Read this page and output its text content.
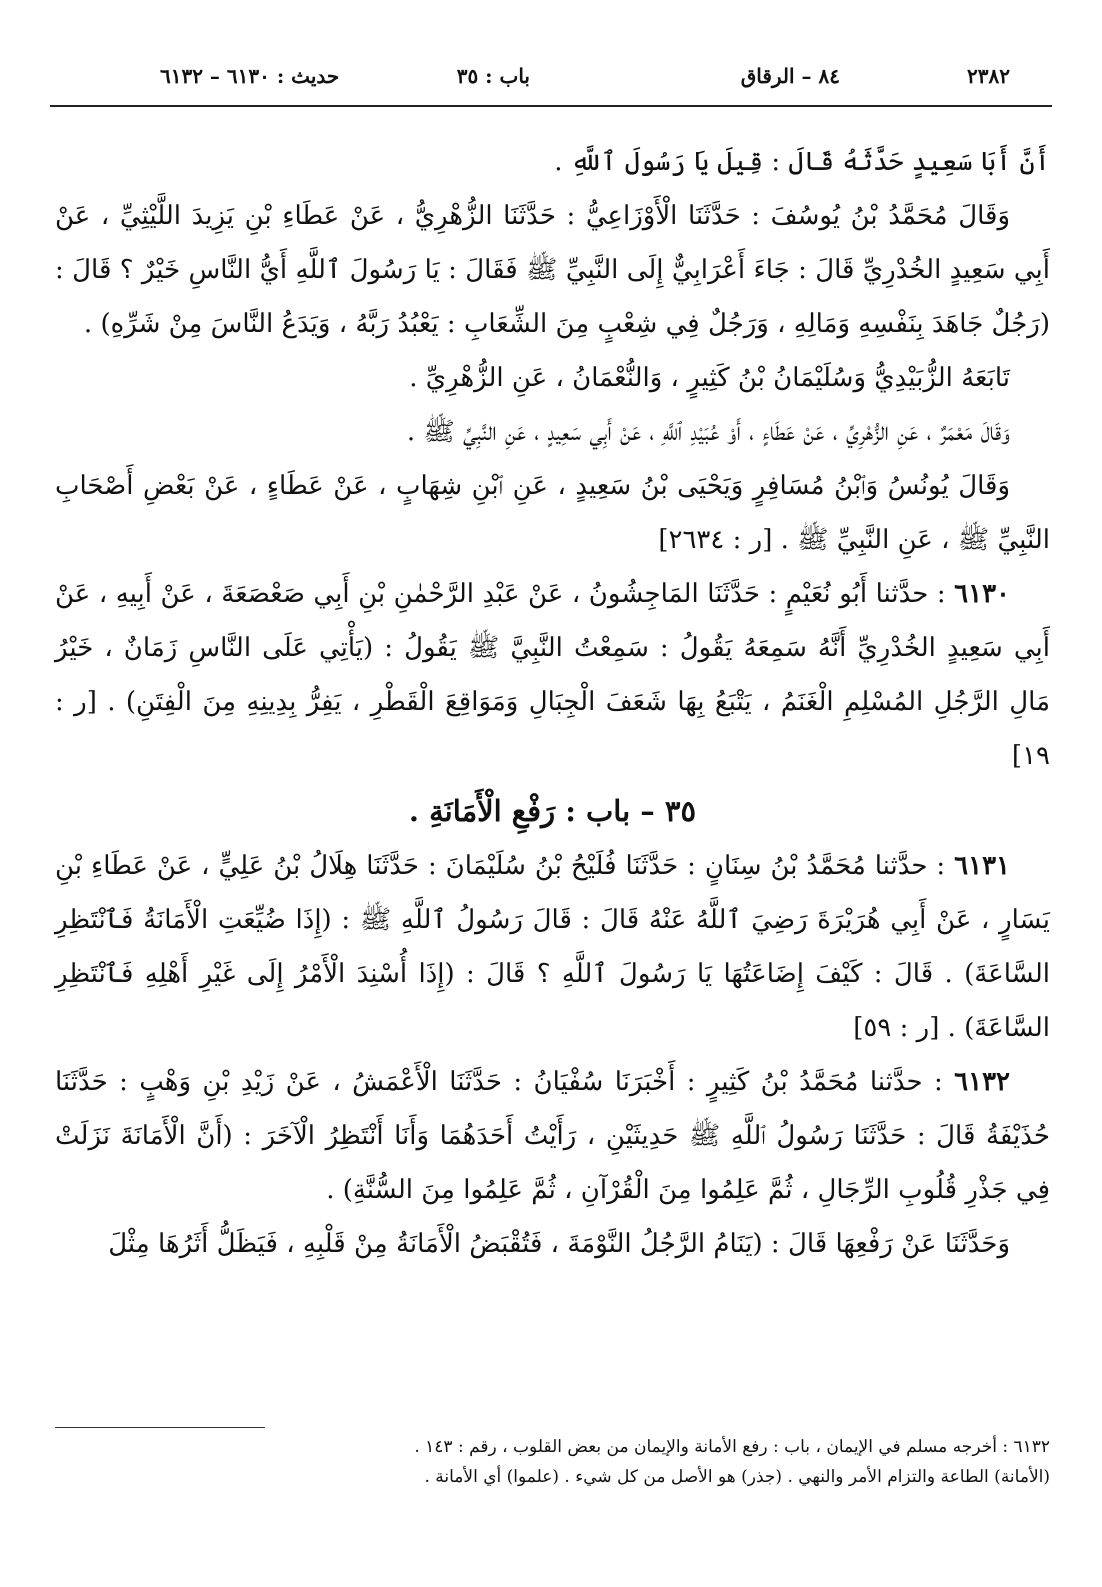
٢٣٨٢
٨٤ – الرقاق
باب : ٣٥
حديث : ٦١٣٠ – ٦١٣٢

أَنَّ أَبَا سَعِيدٍ حَدَّثَهُ قَالَ : قِيلَ يَا رَسُولَ ٱللَّهِ .

وَقَالَ مُحَمَّدُ بْنُ يُوسُفَ : حَدَّثَنَا الْأَوْزَاعِيُّ : حَدَّثَنَا الزُّهْرِيُّ ، عَنْ عَطَاءِ بْنِ يَزِيدَ اللَّيْثِيِّ ، عَنْ أَبِي سَعِيدٍ الخُدْرِيِّ قَالَ : جَاءَ أَعْرَابِيٌّ إِلَى النَّبِيِّ ﷺ فَقَالَ : يَا رَسُولَ ٱللَّهِ أَيُّ النَّاسِ خَيْرٌ ؟ قَالَ : (رَجُلٌ جَاهَدَ بِنَفْسِهِ وَمَالِهِ ، وَرَجُلٌ فِي شِعْبٍ مِنَ الشِّعَابِ : يَعْبُدُ رَبَّهُ ، وَيَدَعُ النَّاسَ مِنْ شَرِّهِ) .

تَابَعَهُ الزُّبَيْدِيُّ وَسُلَيْمَانُ بْنُ كَثِيرٍ ، وَالنُّعْمَانُ ، عَنِ الزُّهْرِيِّ .

وَقَالَ مَعْمَرٌ ، عَنِ الزُّهْرِيِّ ، عَنْ عَطَاءٍ ، أَوْ عُبَيْدِ ٱللَّهِ ، عَنْ أَبِي سَعِيدٍ ، عَنِ النَّبِيِّ ﷺ .

وَقَالَ يُونُسُ وَٱبْنُ مُسَافِرٍ وَيَحْيَى بْنُ سَعِيدٍ ، عَنِ ٱبْنِ شِهَابٍ ، عَنْ عَطَاءٍ ، عَنْ بَعْضِ أَصْحَابِ النَّبِيِّ ﷺ ، عَنِ النَّبِيِّ ﷺ . [ر : ٢٦٣٤]

٦١٣٠ : حدَّثنا أَبُو نُعَيْمٍ : حَدَّثَنَا المَاجِشُونُ ، عَنْ عَبْدِ الرَّحْمٰنِ بْنِ أَبِي صَعْصَعَةَ ، عَنْ أَبِيهِ ، عَنْ أَبِي سَعِيدٍ الخُدْرِيِّ أَنَّهُ سَمِعَهُ يَقُولُ : سَمِعْتُ النَّبِيَّ ﷺ يَقُولُ : (يَأْتِي عَلَى النَّاسِ زَمَانٌ ، خَيْرُ مَالِ الرَّجُلِ المُسْلِمِ الْغَنَمُ ، يَتْبَعُ بِهَا شَعَفَ الْجِبَالِ وَمَوَاقِعَ الْقَطْرِ ، يَفِرُّ بِدِينِهِ مِنَ الْفِتَنِ) . [ر : ١٩]

٣٥ – باب : رَفْعِ الْأَمَانَةِ .

٦١٣١ : حدَّثنا مُحَمَّدُ بْنُ سِنَانٍ : حَدَّثَنَا فُلَيْحُ بْنُ سُلَيْمَانَ : حَدَّثَنَا هِلَالُ بْنُ عَلِيٍّ ، عَنْ عَطَاءِ بْنِ يَسَارٍ ، عَنْ أَبِي هُرَيْرَةَ رَضِيَ ٱللَّهُ عَنْهُ قَالَ : قَالَ رَسُولُ ٱللَّهِ ﷺ : (إِذَا ضُيِّعَتِ الْأَمَانَةُ فَٱنْتَظِرِ السَّاعَةَ) . قَالَ : كَيْفَ إِضَاعَتُهَا يَا رَسُولَ ٱللَّهِ ؟ قَالَ : (إِذَا أُسْنِدَ الْأَمْرُ إِلَى غَيْرِ أَهْلِهِ فَٱنْتَظِرِ السَّاعَةَ) . [ر : ٥٩]

٦١٣٢ : حدَّثنا مُحَمَّدُ بْنُ كَثِيرٍ : أَخْبَرَنَا سُفْيَانُ : حَدَّثَنَا الْأَعْمَشُ ، عَنْ زَيْدِ بْنِ وَهْبٍ : حَدَّثَنَا حُذَيْفَةُ قَالَ : حَدَّثَنَا رَسُولُ ٱللَّهِ ﷺ حَدِيثَيْنِ ، رَأَيْتُ أَحَدَهُمَا وَأَنَا أَنْتَظِرُ الْآخَرَ : (أَنَّ الْأَمَانَةَ نَزَلَتْ فِي جَذْرِ قُلُوبِ الرِّجَالِ ، ثُمَّ عَلِمُوا مِنَ الْقُرْآنِ ، ثُمَّ عَلِمُوا مِنَ السُّنَّةِ) .

وَحَدَّثَنَا عَنْ رَفْعِهَا قَالَ : (يَنَامُ الرَّجُلُ النَّوْمَةَ ، فَتُقْبَضُ الْأَمَانَةُ مِنْ قَلْبِهِ ، فَيَظَلُّ أَثَرُهَا مِثْلَ

٦١٣٢ : أخرجه مسلم في الإيمان ، باب : رفع الأمانة والإيمان من بعض القلوب ، رقم : ١٤٣ .

(الأمانة) الطاعة والتزام الأمر والنهي . (جذر) هو الأصل من كل شيء . (علموا) أي الأمانة .
